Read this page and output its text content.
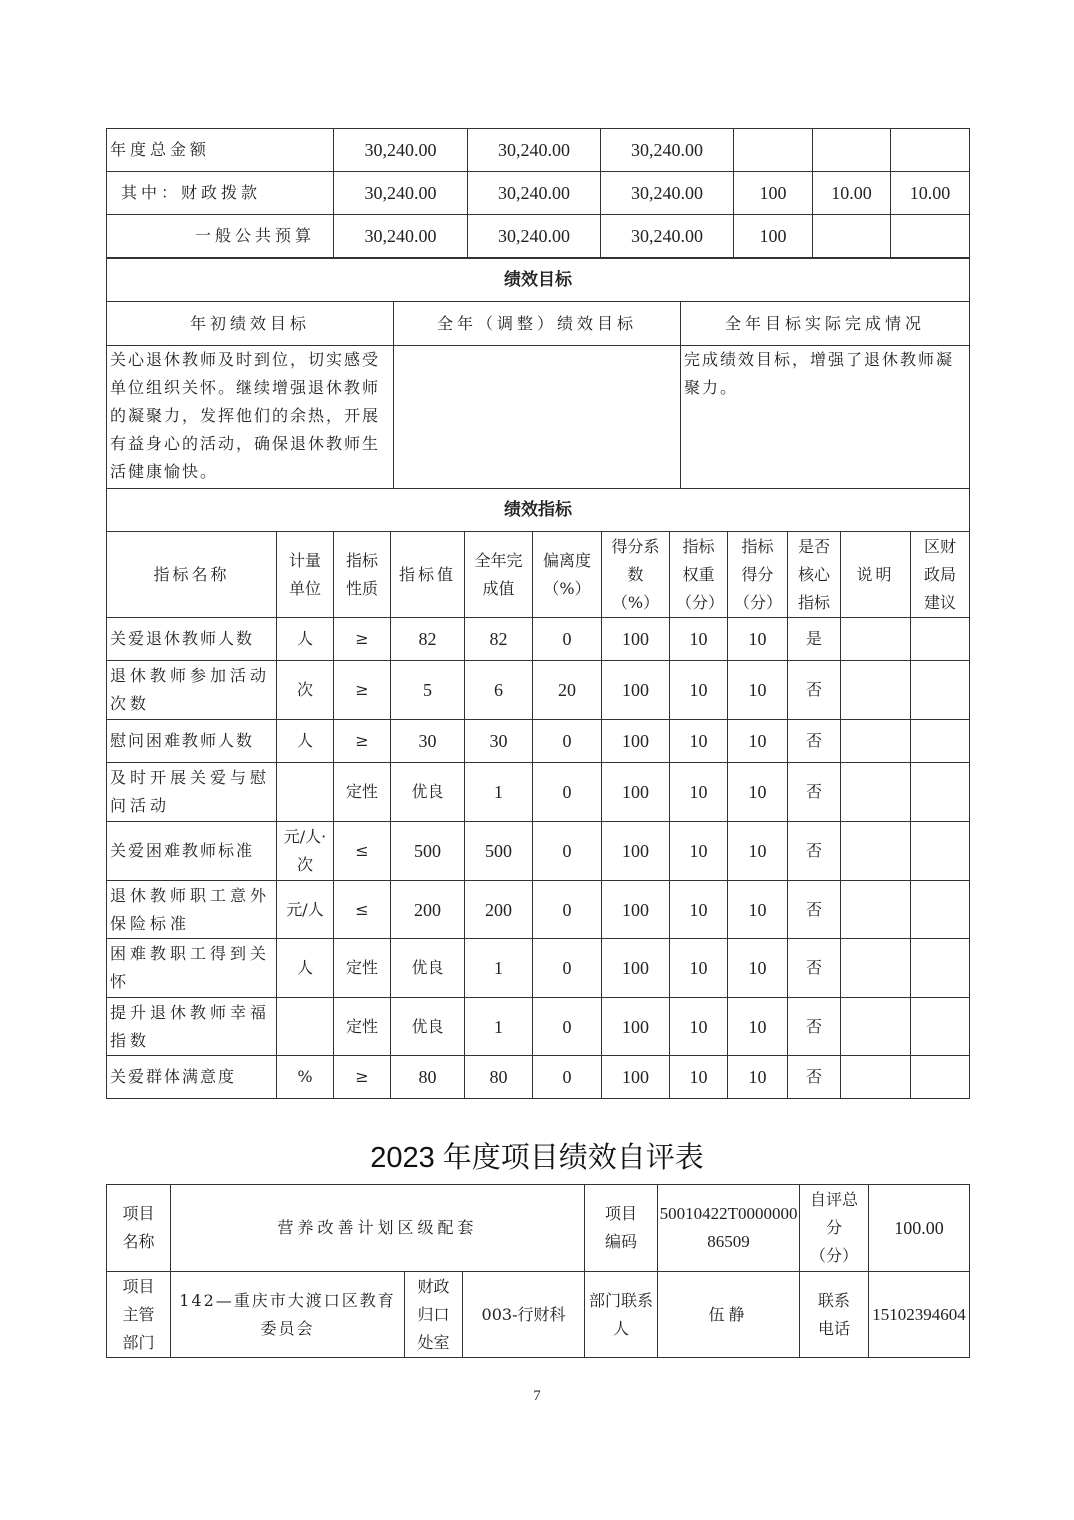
年度总金额	30,240.00	30,240.00	30,240.00			
其中：财政拨款	30,240.00	30,240.00	30,240.00	100	10.00	10.00
一般公共预算	30,240.00	30,240.00	30,240.00	100		
绩效目标		
年初绩效目标	全年（调整）绩效目标	全年目标实际完成情况
关心退休教师及时到位，切实感受单位组织关怀。继续增强退休教师的凝聚力，发挥他们的余热，开展有益身心的活动，确保退休教师生活健康愉快。		完成绩效目标，增强了退休教师凝聚力。
绩效指标		
指标名称	计量单位	指标性质	指标值	全年完成值	偏离度（%）	得分系数（%）	指标权重（分）	指标得分（分）	是否核心指标	说明	区财政局建议
关爱退休教师人数	人	≥	82	82	0	100	10	10	是		
退休教师参加活动次数	次	≥	5	6	20	100	10	10	否		
慰问困难教师人数	人	≥	30	30	0	100	10	10	否		
及时开展关爱与慰问活动		定性	优良	1	0	100	10	10	否		
关爱困难教师标准	元/人·次	≤	500	500	0	100	10	10	否		
退休教师职工意外保险标准	元/人	≤	200	200	0	100	10	10	否		
困难教职工得到关怀	人	定性	优良	1	0	100	10	10	否		
提升退休教师幸福指数		定性	优良	1	0	100	10	10	否		
关爱群体满意度	%	≥	80	80	0	100	10	10	否		
2023 年度项目绩效自评表
项目名称	营养改善计划区级配套			项目编码	50010422T000000086509	自评总分（分）	100.00
项目主管部门	142—重庆市大渡口区教育委员会	财政归口处室	003-行财科	部门联系人	伍静	联系电话	15102394604
7
